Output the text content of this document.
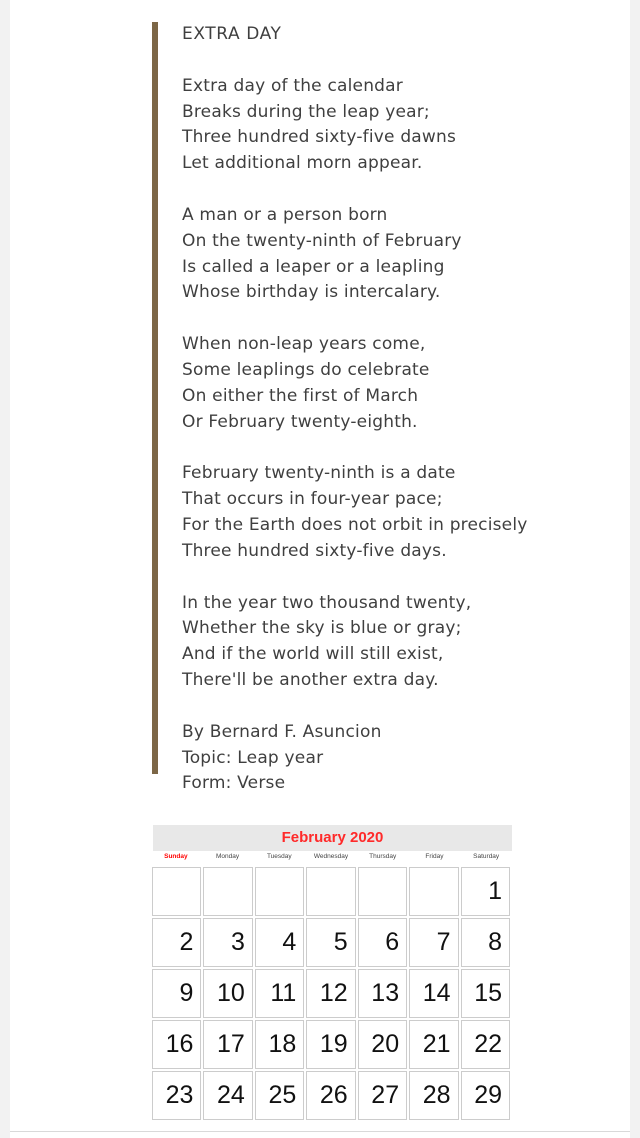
EXTRA DAY
Extra day of the calendar
Breaks during the leap year;
Three hundred sixty-five dawns
Let additional morn appear.
A man or a person born
On the twenty-ninth of February
Is called a leaper or a leapling
Whose birthday is intercalary.
When non-leap years come,
Some leaplings do celebrate
On either the first of March
Or February twenty-eighth.
February twenty-ninth is a date
That occurs in four-year pace;
For the Earth does not orbit in precisely
Three hundred sixty-five days.
In the year two thousand twenty,
Whether the sky is blue or gray;
And if the world will still exist,
There'll be another extra day.
By Bernard F. Asuncion
Topic: Leap year
Form: Verse
February 2020
Sunday	Monday	Tuesday	Wednesday	Thursday	Friday	Saturday
						1
2	3	4	5	6	7	8
9	10	11	12	13	14	15
16	17	18	19	20	21	22
23	24	25	26	27	28	29
